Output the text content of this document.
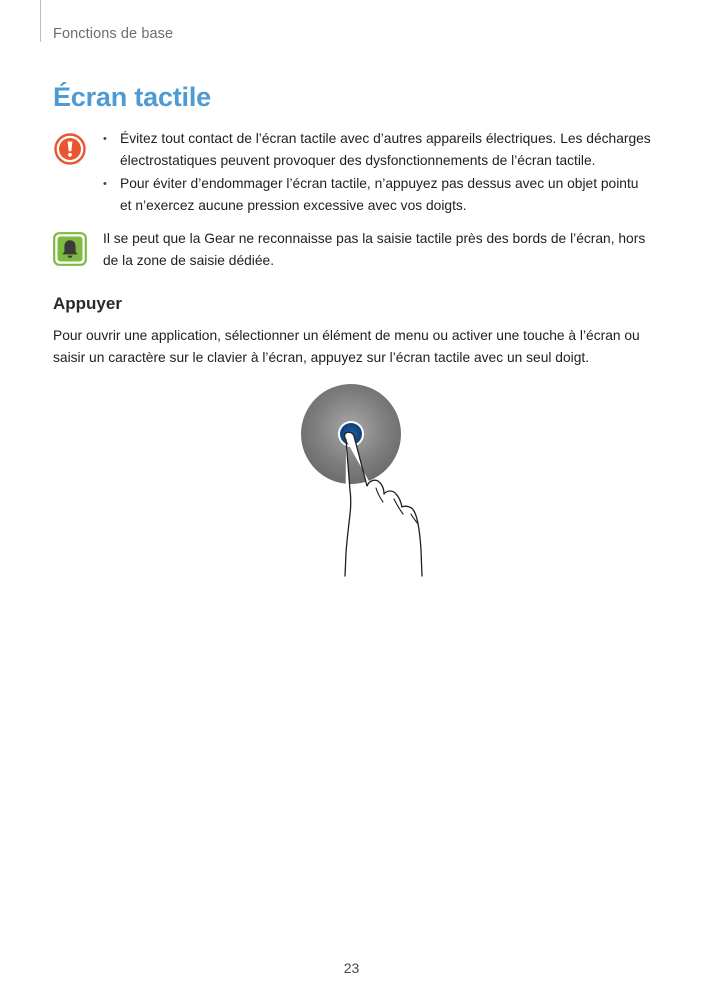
Fonctions de base
Écran tactile
• Évitez tout contact de l’écran tactile avec d’autres appareils électriques. Les décharges électrostatiques peuvent provoquer des dysfonctionnements de l’écran tactile.
• Pour éviter d’endommager l’écran tactile, n’appuyez pas dessus avec un objet pointu et n’exercez aucune pression excessive avec vos doigts.
Il se peut que la Gear ne reconnaisse pas la saisie tactile près des bords de l’écran, hors de la zone de saisie dédiée.
Appuyer

Pour ouvrir une application, sélectionner un élément de menu ou activer une touche à l’écran ou saisir un caractère sur le clavier à l’écran, appuyez sur l’écran tactile avec un seul doigt.

23
